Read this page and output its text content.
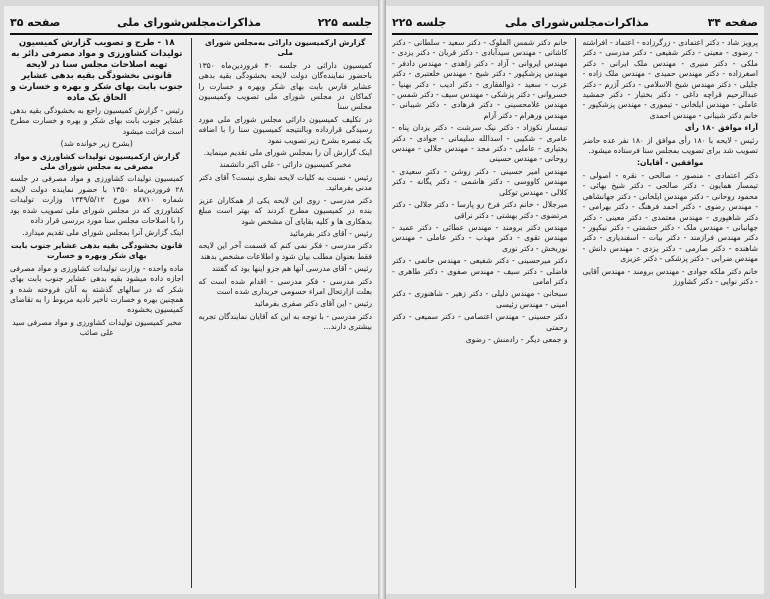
جلسه ۲۲۵
مذاکرات‌مجلس‌شورای ملی
صفحه ۳۵

گزارش ازکمیسیون دارائی به‌مجلس شورای ملی

کمیسیون دارائی در جلسه ۳۰ فروردین‌ماه ۱۳۵۰ باحضور نماینده‌گان دولت لایحه بخشودگی بقیه بدهی عشایر فارس بابت بهای شکر وبهره و خسارت را کماکان در مجلس شورای ملی تصویب وکمیسیون مجلس سنا

در تکلیف کمیسیون دارائی مجلس شورای ملی مورد رسیدگی قرارداده وبالنتیجه کمیسیون سنا را با اضافه یک تبصره بشرح زیر تصویب نمود

اینک گزارش آن را بمجلس شورای ملی تقدیم مینماید.

مخبر کمیسیون دارائی - علی اکبر دانشمند

رئیس - نسبت به کلیات لایحه نظری نیست؟ آقای دکتر مدنی بفرمائید.

دکتر مدرسی - روی این لایحه یکی از همکاران عزیز بنده در کمیسیون مطرح کردند که بهتر است مبلغ بدهکاری ها و کلیه بقایای آن مشخص شود

رئیس - آقای دکتر بفرمائید

دکتر مدرسی - فکر نمی کنم که قسمت آخر این لایحه فقط بعنوان مطلب بیان شود و اطلاعات مشخص بدهند

رئیس - آقای مدرسی آنها هم جزو اینها بود که گفتند

دکتر مدرسی - فکر مدرسی - اقدام شده است که بعلت ازارتحال امراء حسومی خریداری شده است

رئیس - این آقای دکتر صفری بفرمائید

دکتر مدرسی - با توجه به این که آقایان نمایندگان تجربه بیشتری دارند...

۱۸ - طرح و تصویب گزارش کمیسیون تولیدات کشاورزی و مواد مصرفی دائر به تهیه اصلاحات مجلس سنا در لایحه قانونی بخشودگی بقیه بدهی عشایر جنوب بابت بهای شکر و بهره و خسارت و الحاق یک ماده

رئیس - گزارش کمیسیون راجع به بخشودگی بقیه بدهی عشایر جنوب بابت بهای شکر و بهره و خسارت مطرح است قرائت میشود

(بشرح زیر خوانده شد)

گزارش ازکمیسیون تولیدات کشاورزی و مواد مصرفی به مجلس شورای ملی

کمیسیون تولیدات کشاورزی و مواد مصرفی در جلسه ۲۸ فروردین‌ماه ۱۳۵۰ با حضور نماینده دولت لایحه شماره ۸۷۱۰ مورخ ۱۳۴۹/۵/۱۲ وزارت تولیدات کشاورزی که در مجلس شورای ملی تصویب شده بود را با اصلاحات مجلس سنا مورد بررسی قرار داده

اینک گزارش آنرا بمجلس شورای ملی تقدیم میدارد.

قانون بخشودگی بقیه بدهی عشایر جنوب بابت بهای شکر وبهره و خسارت

ماده واحده - وزارت تولیدات کشاورزی و مواد مصرفی اجازه داده میشود بقیه بدهی عشایر جنوب بابت بهای شکر که در سالهای گذشته به آنان فروخته شده و همچنین بهره و خسارت تأخیر تأدیه مربوط را به تقاضای کمیسیون بخشوده

مخبر کمیسیون تولیدات کشاورزی و مواد مصرفی سید علی صائب

صفحه ۳۴
مذاکرات‌مجلس‌شورای ملی
جلسه ۲۲۵

پرویز شاد - دکتر اعتمادی - زرگرزاده - اعتماد - افراشته - رضوی - معینی - دکتر شفیعی - دکتر مدرسی - دکتر ملکی - دکتر منیری - مهندس ملک ایرانی - دکتر اصغرزاده - دکتر مهندس حمیدی - مهندس ملک زاده - جلیلی - دکتر مهندس شیخ الاسلامی - دکتر آزرم - دکتر عبدالرحیم قراچه داغی - دکتر بختیار - دکتر جمشید عاملی - مهندس ایلخانی - تیموری - مهندس پزشکپور - خانم دکتر شیبانی - مهندس احمدی

آراء موافق ۱۸۰ رأی

رئیس - لایحه با ۱۸۰ رأی موافق از ۱۸۰ نفر عده حاضر تصویب شد برای تصویب بمجلس سنا فرستاده میشود.

موافقین - آقایان:

دکتر اعتمادی - منصور - صالحی - نقره - اصولی - تیمسار همایون - دکتر صالحی - دکتر شیخ بهائی - محمود روحانی - دکتر مهندس ایلخانی - دکتر جهانشاهی - مهندس رضوی - دکتر احمد فرهنگ - دکتر بهرامی - دکتر شاهپوری - مهندس معتمدی - دکتر معینی - دکتر جهانبانی - مهندس ملک - دکتر حشمتی - دکتر نیکپور - دکتر مهندس فرازمند - دکتر بیات - اسفندیاری - دکتر شاهنده - دکتر صارمی - دکتر یزدی - مهندس دانش - مهندس ضرابی - دکتر پزشکی - دکتر عزیزی

خانم دکتر ملکه جوادی - مهندس برومند - مهندس آقایی - دکتر نوایی - دکتر کشاورز

خانم دکتر شمس الملوک - دکتر سعید - سلطانی - دکتر کاشانی - مهندس سیدآبادی - دکتر قربان - دکتر یزدی - مهندس ایروانی - آزاد - دکتر زاهدی - مهندس دادفر - مهندس پزشکپور - دکتر شیخ - مهندس خلعتبری - دکتر عرب - سعید - ذوالفقاری - دکتر ادیب - دکتر بهنیا - خسروانی - دکتر پزشکی - مهندس سیف - دکتر شمس - مهندس غلامحسینی - دکتر فرهادی - دکتر شیبانی - مهندس ورهرام - دکتر آرام

تیمسار نکوزاد - دکتر نیک سرشت - دکتر یزدان پناه - عامری - شکیبی - اسدالله سلیمانی - جوادی - دکتر بختیاری - عاملی - دکتر مجد - مهندس جلالی - مهندس روحانی - مهندس حسینی

مهندس امیر حسینی - دکتر روشن - دکتر سعیدی - مهندس کاووسی - دکتر هاشمی - دکتر یگانه - دکتر کلالی - مهندس توکلی

میرجلال - خانم دکتر فرخ رو پارسا - دکتر جلالی - دکتر مرتضوی - دکتر بهشتی - دکتر نراقی

مهندس دکتر برومند - مهندس عطائی - دکتر عمید - مهندس تقوی - دکتر مهذب - دکتر عاملی - مهندس نوربخش - دکتر نوری

دکتر میرحسینی - دکتر شفیعی - مهندس حاتمی - دکتر فاضلی - دکتر سیف - مهندس صفوی - دکتر طاهری - دکتر امامی

سبحانی - مهندس دلیلی - دکتر زهیر - شاهنوری - دکتر امینی - مهندس رئیسی

دکتر حسینی - مهندس اعتصامی - دکتر سمیعی - دکتر رحمتی

و جمعی دیگر - رادمنش - رضوی
